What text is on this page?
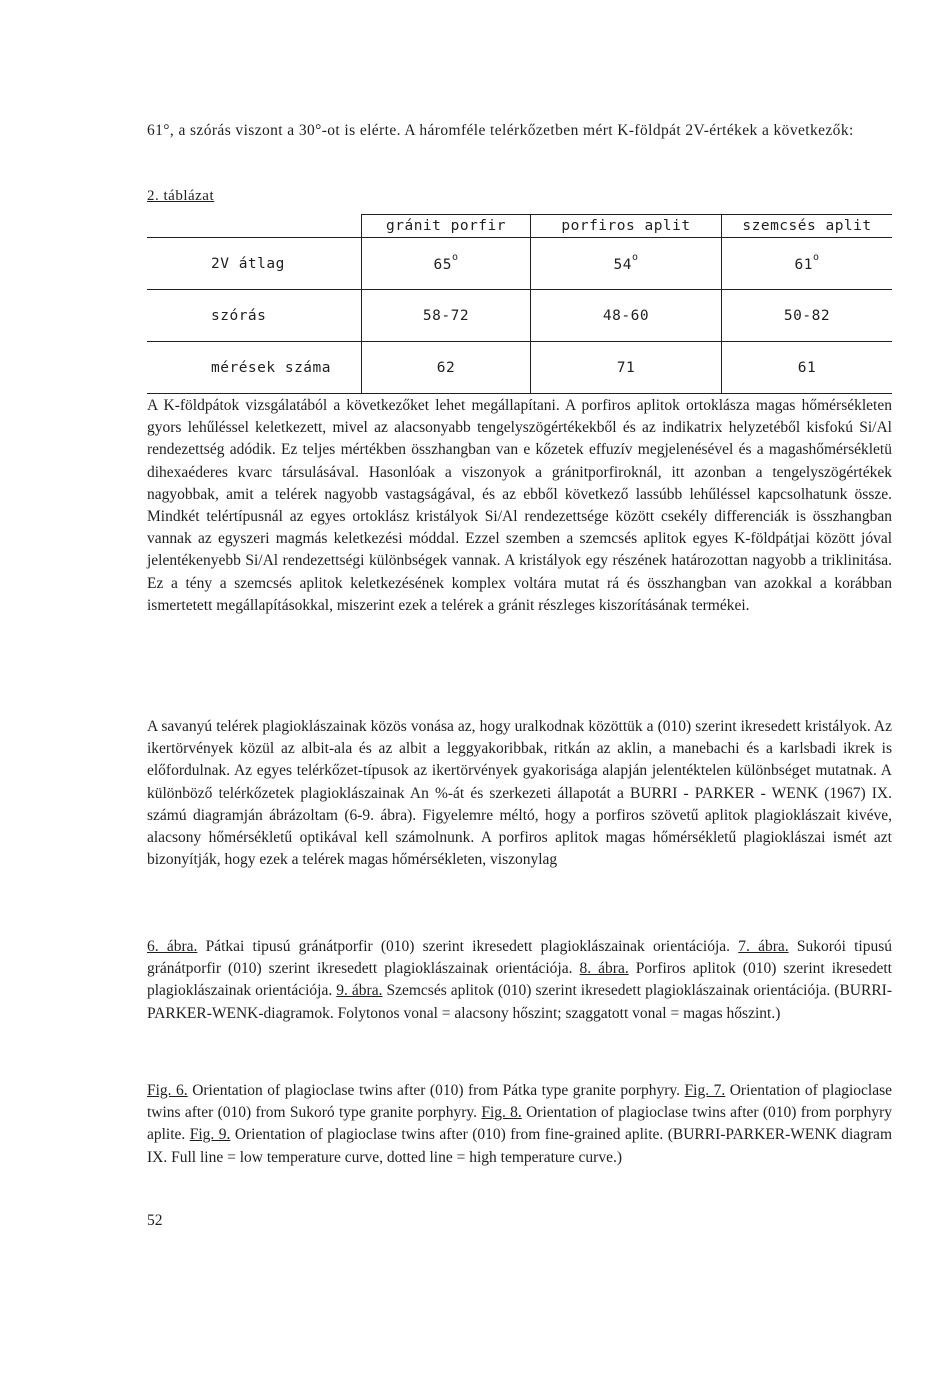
61°, a szórás viszont a 30°-ot is elérte. A háromféle telérkőzetben mért K-földpát 2V-értékek a következők:

2. táblázat
	gránit porfir	porfiros aplit	szemcsés aplit
2V átlag	65$^o$	54$^o$	61$^o$
szórás	58-72	48-60	50-82
mérések száma	62	71	61

A K-földpátok vizsgálatából a következőket lehet megállapítani. A porfiros aplitok ortoklásza magas hőmérsékleten gyors lehűléssel keletkezett, mivel az alacsonyabb tengelyszögértékekből és az indikatrix helyzetéből kisfokú Si/Al rendezettség adódik. Ez teljes mértékben összhangban van e kőzetek effuzív megjelenésével és a magashőmérsékletü dihexaéderes kvarc társulásával. Hasonlóak a viszonyok a gránitporfiroknál, itt azonban a tengelyszögértékek nagyobbak, amit a telérek nagyobb vastagságával, és az ebből következő lassúbb lehűléssel kapcsolhatunk össze. Mindkét telértípusnál az egyes ortoklász kristályok Si/Al rendezettsége között csekély differenciák is összhangban vannak az egyszeri magmás keletkezési móddal. Ezzel szemben a szemcsés aplitok egyes K-földpátjai között jóval jelentékenyebb Si/Al rendezettségi különbségek vannak. A kristályok egy részének határozottan nagyobb a triklinitása. Ez a tény a szemcsés aplitok keletkezésének komplex voltára mutat rá és összhangban van azokkal a korábban ismertetett megállapításokkal, miszerint ezek a telérek a gránit részleges kiszorításának termékei.

A savanyú telérek plagioklászainak közös vonása az, hogy uralkodnak közöttük a (010) szerint ikresedett kristályok. Az ikertörvények közül az albit-ala és az albit a leggyakoribbak, ritkán az aklin, a manebachi és a karlsbadi ikrek is előfordulnak. Az egyes telérkőzet-típusok az ikertörvények gyakorisága alapján jelentéktelen különbséget mutatnak. A különböző telérkőzetek plagioklászainak An %-át és szerkezeti állapotát a BURRI - PARKER - WENK (1967) IX. számú diagramján ábrázoltam (6-9. ábra). Figyelemre méltó, hogy a porfiros szövetű aplitok plagioklászait kivéve, alacsony hőmérsékletű optikával kell számolnunk. A porfiros aplitok magas hőmérsékletű plagioklászai ismét azt bizonyítják, hogy ezek a telérek magas hőmérsékleten, viszonylag

6. ábra. Pátkai tipusú gránátporfir (010) szerint ikresedett plagioklászainak orientációja. 7. ábra. Sukorói tipusú gránátporfir (010) szerint ikresedett plagioklászainak orientációja. 8. ábra. Porfiros aplitok (010) szerint ikresedett plagioklászainak orientációja. 9. ábra. Szemcsés aplitok (010) szerint ikresedett plagioklászainak orientációja. (BURRI-PARKER-WENK-diagramok. Folytonos vonal = alacsony hőszint; szaggatott vonal = magas hőszint.)

Fig. 6. Orientation of plagioclase twins after (010) from Pátka type granite porphyry. Fig. 7. Orientation of plagioclase twins after (010) from Sukoró type granite porphyry. Fig. 8. Orientation of plagioclase twins after (010) from porphyry aplite. Fig. 9. Orientation of plagioclase twins after (010) from fine-grained aplite. (BURRI-PARKER-WENK diagram IX. Full line = low temperature curve, dotted line = high temperature curve.)

52
